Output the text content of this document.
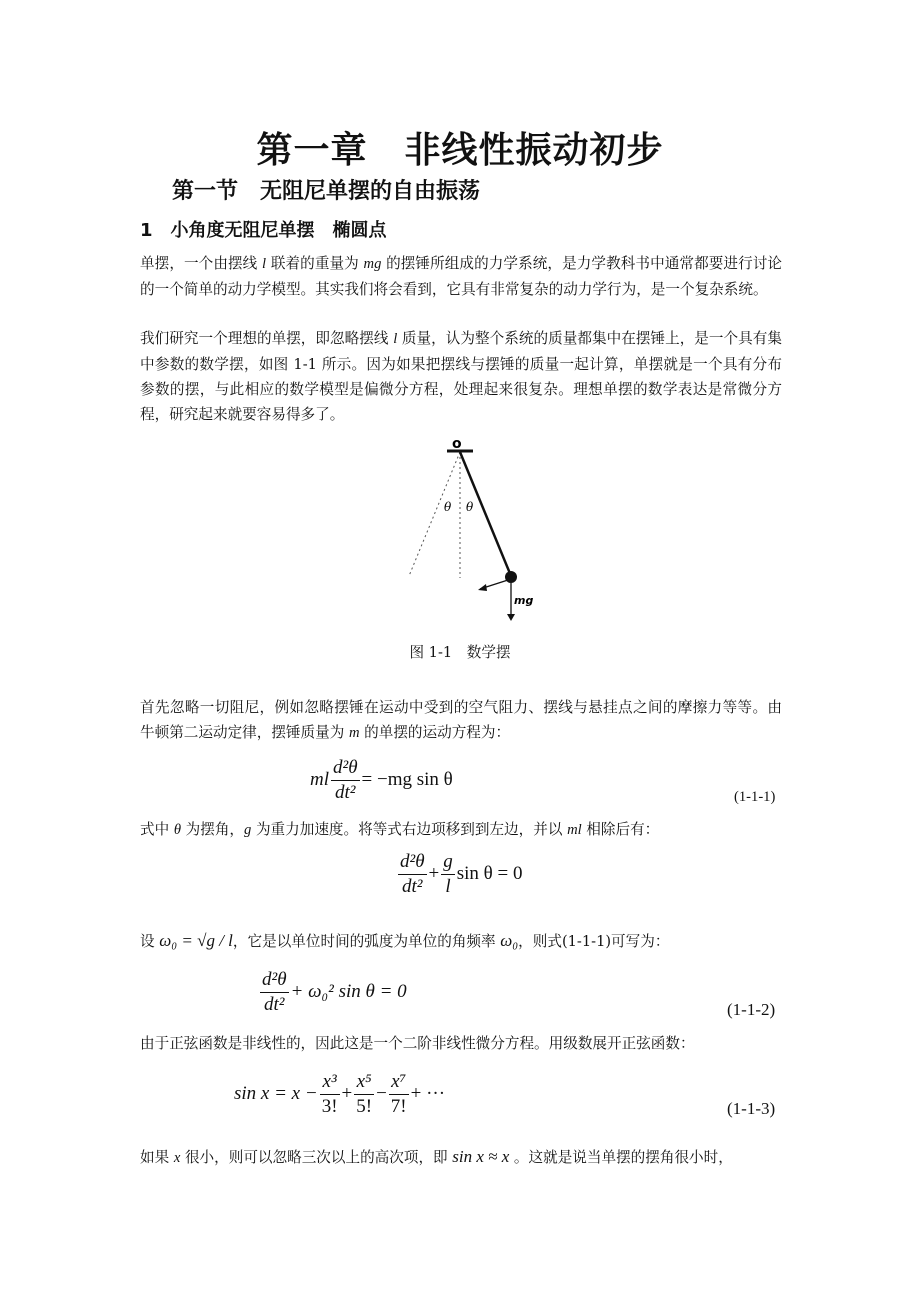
第一章　非线性振动初步
第一节　无阻尼单摆的自由振荡
1　小角度无阻尼单摆　椭圆点
单摆，一个由摆线 l 联着的重量为 mg 的摆锤所组成的力学系统，是力学教科书中通常都要进行讨论的一个简单的动力学模型。其实我们将会看到，它具有非常复杂的动力学行为，是一个复杂系统。
我们研究一个理想的单摆，即忽略摆线 l 质量，认为整个系统的质量都集中在摆锤上，是一个具有集中参数的数学摆，如图 1-1 所示。因为如果把摆线与摆锤的质量一起计算，单摆就是一个具有分布参数的摆，与此相应的数学模型是偏微分方程，处理起来很复杂。理想单摆的数学表达是常微分方程，研究起来就要容易得多了。
o
θ θ
mg
图 1-1　数学摆
首先忽略一切阻尼，例如忽略摆锤在运动中受到的空气阻力、摆线与悬挂点之间的摩擦力等等。由牛顿第二运动定律，摆锤质量为 m 的单摆的运动方程为：
ml $\frac{\text{d²θ}}{\text{dt²}} = -mg$ sin θ
(1-1-1)
式中 θ 为摆角，g 为重力加速度。将等式右边项移到到左边，并以 ml 相除后有：
$\frac{\text{d²θ}}{\text{dt²}} + \frac{g}{l}$ sin θ = 0
设 ω₀ = √g / l，它是以单位时间的弧度为单位的角频率 ω₀，则式(1-1-1)可写为：
$\frac{\text{d²θ}}{\text{dt²}} + \omega_0^2$ sin θ = 0
(1-1-2)
由于正弦函数是非线性的，因此这是一个二阶非线性微分方程。用级数展开正弦函数：
$\sin x = x - \frac{\text{x³}}{3!} + \frac{\text{x⁵}}{5!} - \frac{\text{x⁷}}{7!}$ + ···
(1-1-3)
如果 x 很小，则可以忽略三次以上的高次项，即 sin x ≈ x 。这就是说当单摆的摆角很小时，
